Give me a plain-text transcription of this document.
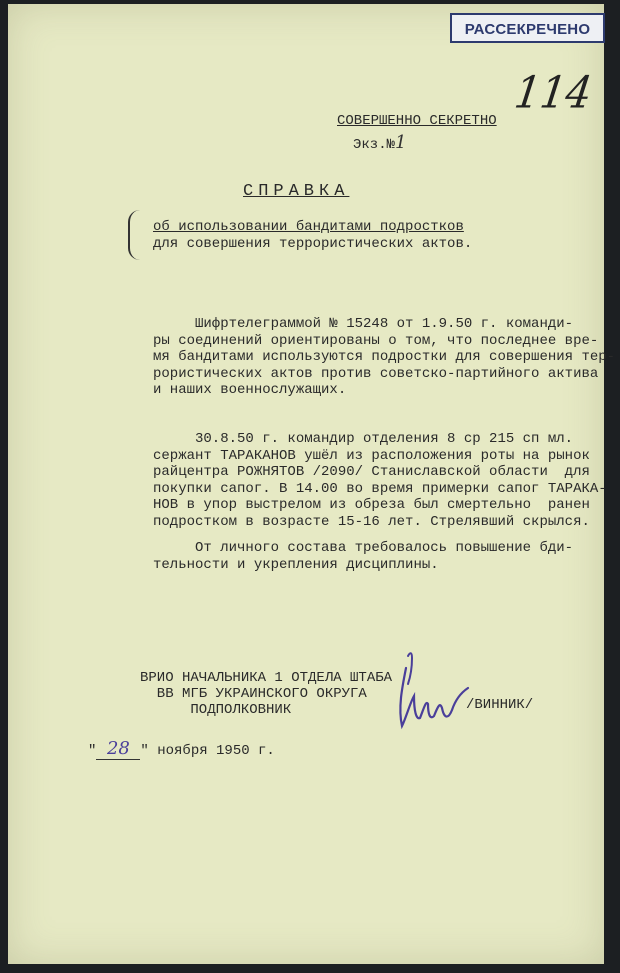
РАССЕКРЕЧЕНО
114
СОВЕРШЕННО СЕКРЕТНО
Экз.№1
СПРАВКА
об использовании бандитами подростков
для совершения террористических актов.
Шифртелеграммой № 15248 от 1.9.50 г. команди-
ры соединений ориентированы о том, что последнее вре-
мя бандитами используются подростки для совершения тер-
рористических актов против советско-партийного актива
и наших военнослужащих.
30.8.50 г. командир отделения 8 ср 215 сп мл.
сержант ТАРАКАНОВ ушёл из расположения роты на рынок
райцентра РОЖНЯТОВ /2090/ Станиславской области  для
покупки сапог. В 14.00 во время примерки сапог ТАРАКА-
НОВ в упор выстрелом из обреза был смертельно  ранен
подростком в возрасте 15-16 лет. Стрелявший скрылся.
От личного состава требовалось повышение бди-
тельности и укрепления дисциплины.
ВРИО НАЧАЛЬНИКА 1 ОТДЕЛА ШТАБА
ВВ МГБ УКРАИНСКОГО ОКРУГА
ПОДПОЛКОВНИК	/ВИННИК/
" 28 " ноября 1950 г.
